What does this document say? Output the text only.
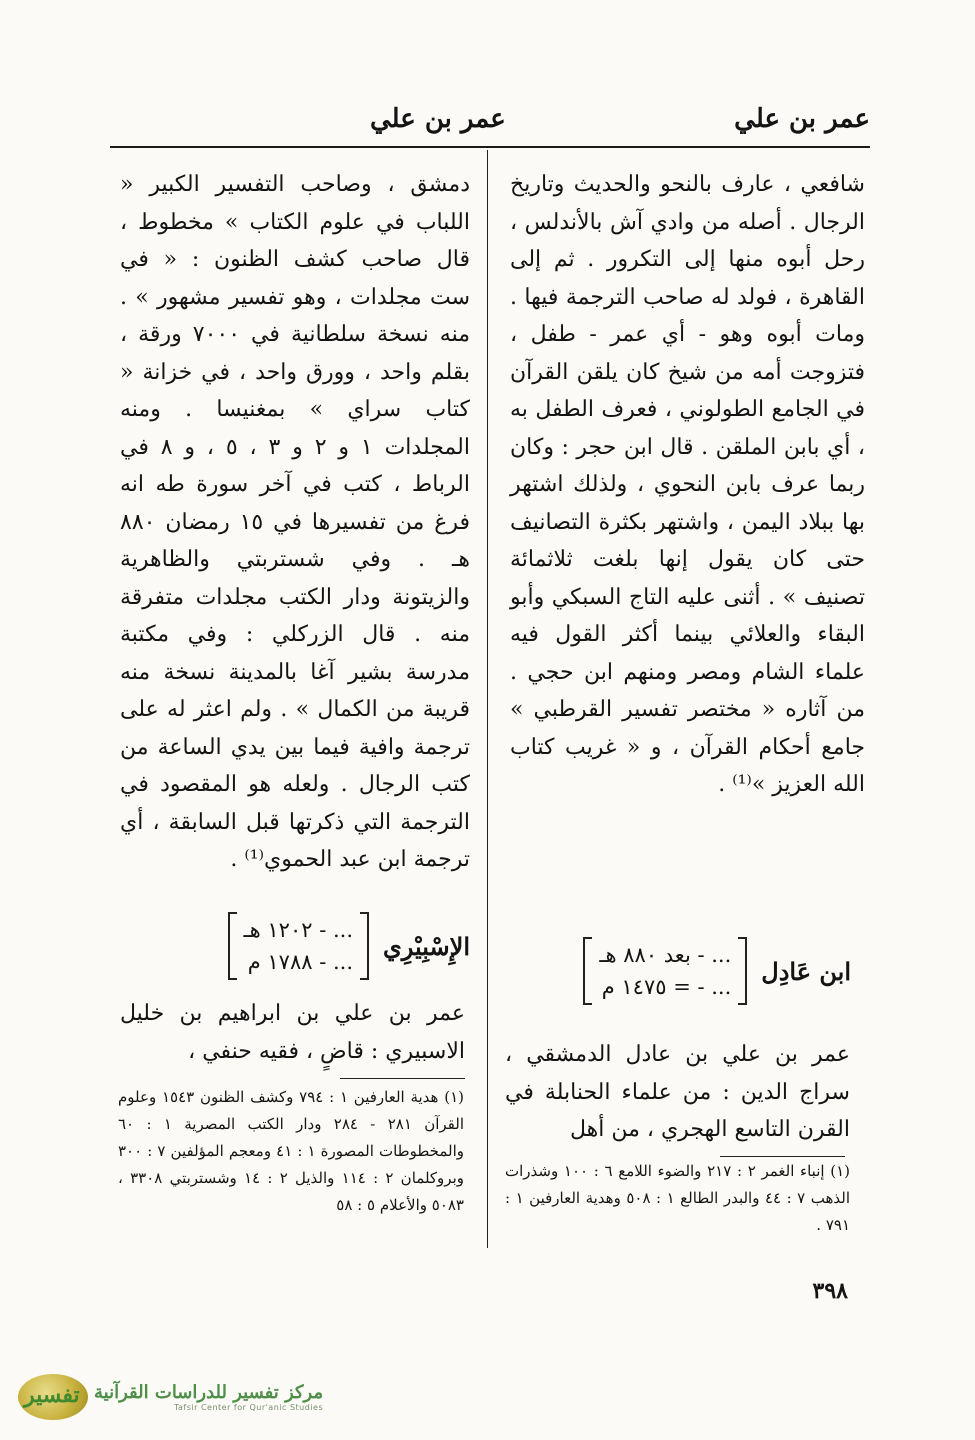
عمر بن علي
عمر بن علي

شافعي ، عارف بالنحو والحديث وتاريخ الرجال . أصله من وادي آش بالأندلس ، رحل أبوه منها إلى التكرور . ثم إلى القاهرة ، فولد له صاحب الترجمة فيها . ومات أبوه وهو - أي عمر - طفل ، فتزوجت أمه من شيخ كان يلقن القرآن في الجامع الطولوني ، فعرف الطفل به ، أي بابن الملقن . قال ابن حجر : وكان ربما عرف بابن النحوي ، ولذلك اشتهر بها ببلاد اليمن ، واشتهر بكثرة التصانيف حتى كان يقول إنها بلغت ثلاثمائة تصنيف » . أثنى عليه التاج السبكي وأبو البقاء والعلائي بينما أكثر القول فيه علماء الشام ومصر ومنهم ابن حجي . من آثاره « مختصر تفسير القرطبي » جامع أحكام القرآن ، و « غريب كتاب الله العزيز »⁽¹⁾ .

دمشق ، وصاحب التفسير الكبير « اللباب في علوم الكتاب » مخطوط ، قال صاحب كشف الظنون : « في ست مجلدات ، وهو تفسير مشهور » . منه نسخة سلطانية في ٧٠٠٠ ورقة ، بقلم واحد ، وورق واحد ، في خزانة « كتاب سراي » بمغنيسا . ومنه المجلدات ١ و ٢ و ٣ ، ٥ ، و ٨ في الرباط ، كتب في آخر سورة طه انه فرغ من تفسيرها في ١٥ رمضان ٨٨٠ هـ . وفي شستربتي والظاهرية والزيتونة ودار الكتب مجلدات متفرقة منه . قال الزركلي : وفي مكتبة مدرسة بشير آغا بالمدينة نسخة منه قريبة من الكمال » . ولم اعثر له على ترجمة وافية فيما بين يدي الساعة من كتب الرجال . ولعله هو المقصود في الترجمة التي ذكرتها قبل السابقة ، أي ترجمة ابن عبد الحموي⁽¹⁾ .

ابن عَادِل
... - بعد ٨٨٠ هـ
... - = ١٤٧٥ م
عمر بن علي بن عادل الدمشقي ، سراج الدين : من علماء الحنابلة في القرن التاسع الهجري ، من أهل
الإِسْبِيْرِي
... - ١٢٠٢ هـ
... - ١٧٨٨ م
عمر بن علي بن ابراهيم بن خليل الاسبيري : قاضٍ ، فقيه حنفي ،
(١) هدية العارفين ١ : ٧٩٤ وكشف الظنون ١٥٤٣ وعلوم القرآن ٢٨١ - ٢٨٤ ودار الكتب المصرية ١ : ٦٠ والمخطوطات المصورة ١ : ٤١ ومعجم المؤلفين ٧ : ٣٠٠ وبروكلمان ٢ : ١١٤ والذيل ٢ : ١٤ وشستربتي ٣٣٠٨ ، ٥٠٨٣ والأعلام ٥ : ٥٨
(١) إنباء الغمر ٢ : ٢١٧ والضوء اللامع ٦ : ١٠٠ وشذرات الذهب ٧ : ٤٤ والبدر الطالع ١ : ٥٠٨ وهدية العارفين ١ : ٧٩١ .
٣٩٨
تفسير مركز تفسير للدراسات القرآنية
Tafsir Center for Qur'anic Studies
